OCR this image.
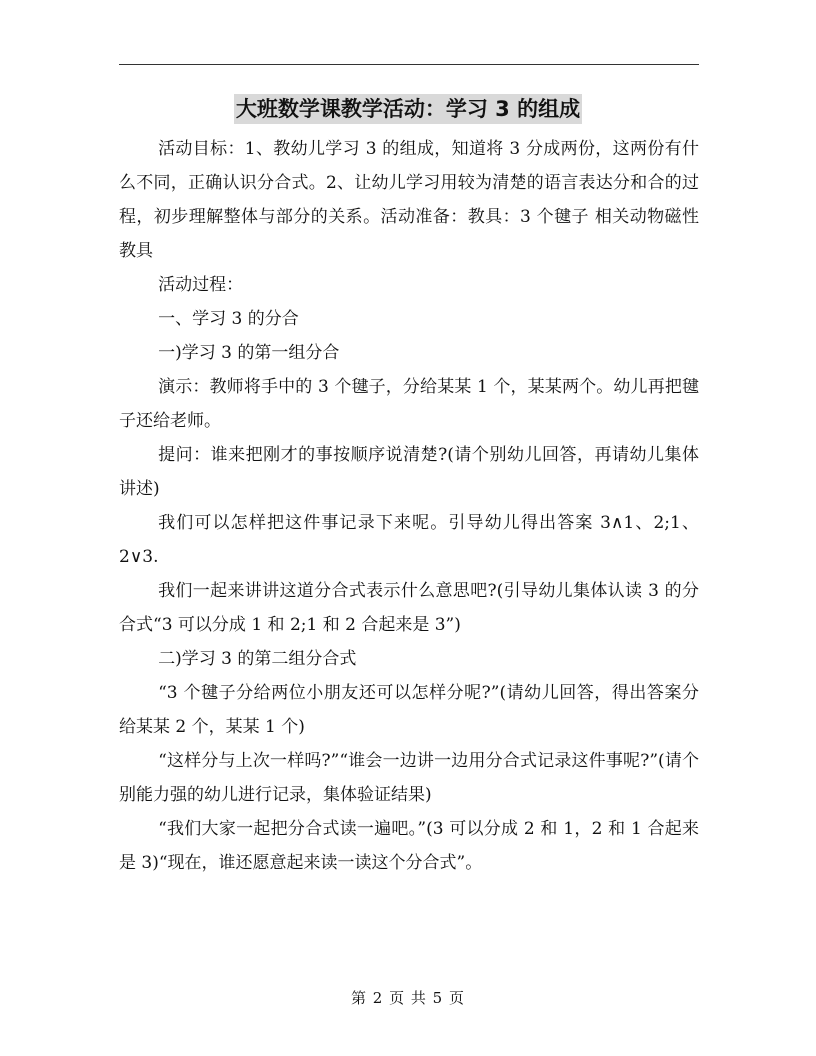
大班数学课教学活动：学习 3 的组成

活动目标：1、教幼儿学习 3 的组成，知道将 3 分成两份，这两份有什么不同，正确认识分合式。2、让幼儿学习用较为清楚的语言表达分和合的过程，初步理解整体与部分的关系。活动准备：教具：3 个毽子 相关动物磁性教具

活动过程：

一、学习 3 的分合

一)学习 3 的第一组分合

演示：教师将手中的 3 个毽子，分给某某 1 个，某某两个。幼儿再把毽子还给老师。

提问：谁来把刚才的事按顺序说清楚?(请个别幼儿回答，再请幼儿集体讲述)

我们可以怎样把这件事记录下来呢。引导幼儿得出答案 3∧1、2;1、2∨3.

我们一起来讲讲这道分合式表示什么意思吧?(引导幼儿集体认读 3 的分合式“3 可以分成 1 和 2;1 和 2 合起来是 3”)

二)学习 3 的第二组分合式

“3 个毽子分给两位小朋友还可以怎样分呢?”(请幼儿回答，得出答案分给某某 2 个，某某 1 个)

“这样分与上次一样吗?”“谁会一边讲一边用分合式记录这件事呢?”(请个别能力强的幼儿进行记录，集体验证结果)

“我们大家一起把分合式读一遍吧。”(3 可以分成 2 和 1，2 和 1 合起来是 3)“现在，谁还愿意起来读一读这个分合式”。

第 2 页 共 5 页
